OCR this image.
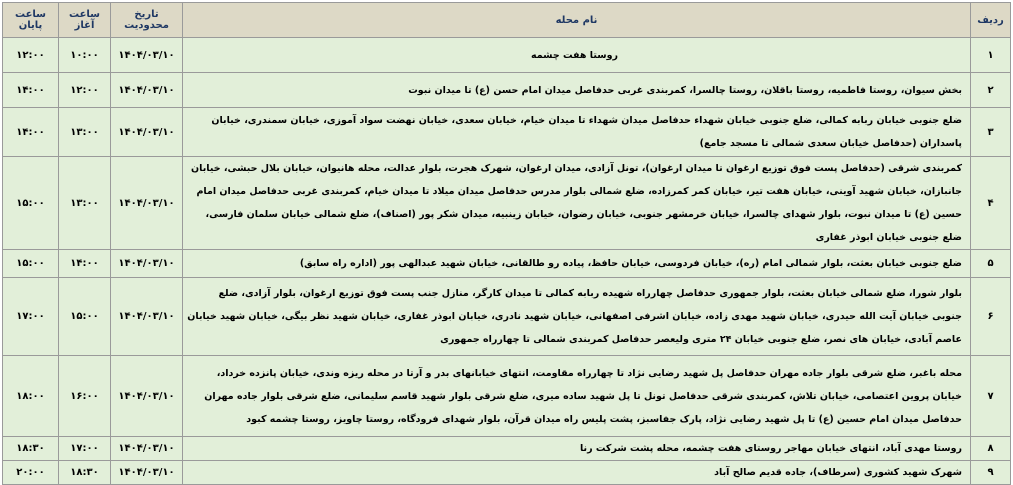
ردیف	نام محله	تاریخ محدودیت	ساعت آغاز	ساعت پایان
۱	روستا هفت چشمه	۱۴۰۴/۰۳/۱۰	۱۰:۰۰	۱۲:۰۰
۲	بخش سیوان، روستا فاطمیه، روستا باقلان، روستا چالسرا، کمربندی غربی حدفاصل میدان امام حسن (ع) تا میدان نبوت	۱۴۰۴/۰۳/۱۰	۱۲:۰۰	۱۴:۰۰
۳	ضلع جنوبی خیابان ربابه کمالی، ضلع جنوبی خیابان شهداء حدفاصل میدان شهداء تا میدان خیام، خیابان سعدی، خیابان نهضت سواد آموزی، خیابان سمندری، خیابان پاسداران (حدفاصل خیابان سعدی شمالی تا مسجد جامع)	۱۴۰۴/۰۳/۱۰	۱۳:۰۰	۱۴:۰۰
۴	کمربندی شرقی (حدفاصل پست فوق توزیع ارغوان تا میدان ارغوان)، تونل آزادی، میدان ارغوان، شهرک هجرت، بلوار عدالت، محله هانیوان، خیابان بلال حبشی، خیابان جانبازان، خیابان شهید آوینی، خیابان هفت تیر، خیابان کمر کمرزاده، ضلع شمالی بلوار مدرس حدفاصل میدان میلاد تا میدان خیام، کمربندی غربی حدفاصل میدان امام حسین (ع) تا میدان نبوت، بلوار شهدای چالسرا، خیابان خرمشهر جنوبی، خیابان رضوان، خیابان زینبیه، میدان شکر پور (اصناف)، ضلع شمالی خیابان سلمان فارسی، ضلع جنوبی خیابان ابوذر غفاری	۱۴۰۴/۰۳/۱۰	۱۳:۰۰	۱۵:۰۰
۵	ضلع جنوبی خیابان بعثت، بلوار شمالی امام (ره)، خیابان فردوسی، خیابان حافظ، پیاده رو طالقانی، خیابان شهید عبدالهی پور (اداره راه سابق)	۱۴۰۴/۰۳/۱۰	۱۴:۰۰	۱۵:۰۰
۶	بلوار شورا، ضلع شمالی خیابان بعثت، بلوار جمهوری حدفاصل چهارراه شهیده ربابه کمالی تا میدان کارگر، منازل جنب پست فوق توزیع ارغوان، بلوار آزادی، ضلع جنوبی خیابان آیت الله حیدری، خیابان شهید مهدی زاده، خیابان اشرفی اصفهانی، خیابان شهید نادری، خیابان ابوذر غفاری، خیابان شهید نظر بیگی، خیابان شهید خیابان عاصم آبادی، خیابان های نصر، ضلع جنوبی خیابان ۲۴ متری ولیعصر حدفاصل کمربندی شمالی تا چهارراه جمهوری	۱۴۰۴/۰۳/۱۰	۱۵:۰۰	۱۷:۰۰
۷	محله باغبر، ضلع شرقی بلوار جاده مهران حدفاصل پل شهید رضایی نژاد تا چهارراه مقاومت، انتهای خیابانهای بدر و آرتا در محله ریزه وندی، خیابان پانزده خرداد، خیابان پروین اعتصامی، خیابان تلاش، کمربندی شرقی حدفاصل تونل تا پل شهید ساده میری، ضلع شرقی بلوار شهید قاسم سلیمانی، ضلع شرقی بلوار جاده مهران حدفاصل میدان امام حسین (ع) تا پل شهید رضایی نژاد، پارک جفاسبز، پشت پلیس راه میدان قرآن، بلوار شهدای فرودگاه، روستا چاویز، روستا چشمه کبود	۱۴۰۴/۰۳/۱۰	۱۶:۰۰	۱۸:۰۰
۸	روستا مهدی آباد، انتهای خیابان مهاجر روستای هفت چشمه، محله پشت شرکت رنا	۱۴۰۴/۰۳/۱۰	۱۷:۰۰	۱۸:۳۰
۹	شهرک شهید کشوری (سرطاف)، جاده قدیم صالح آباد	۱۴۰۴/۰۳/۱۰	۱۸:۳۰	۲۰:۰۰
